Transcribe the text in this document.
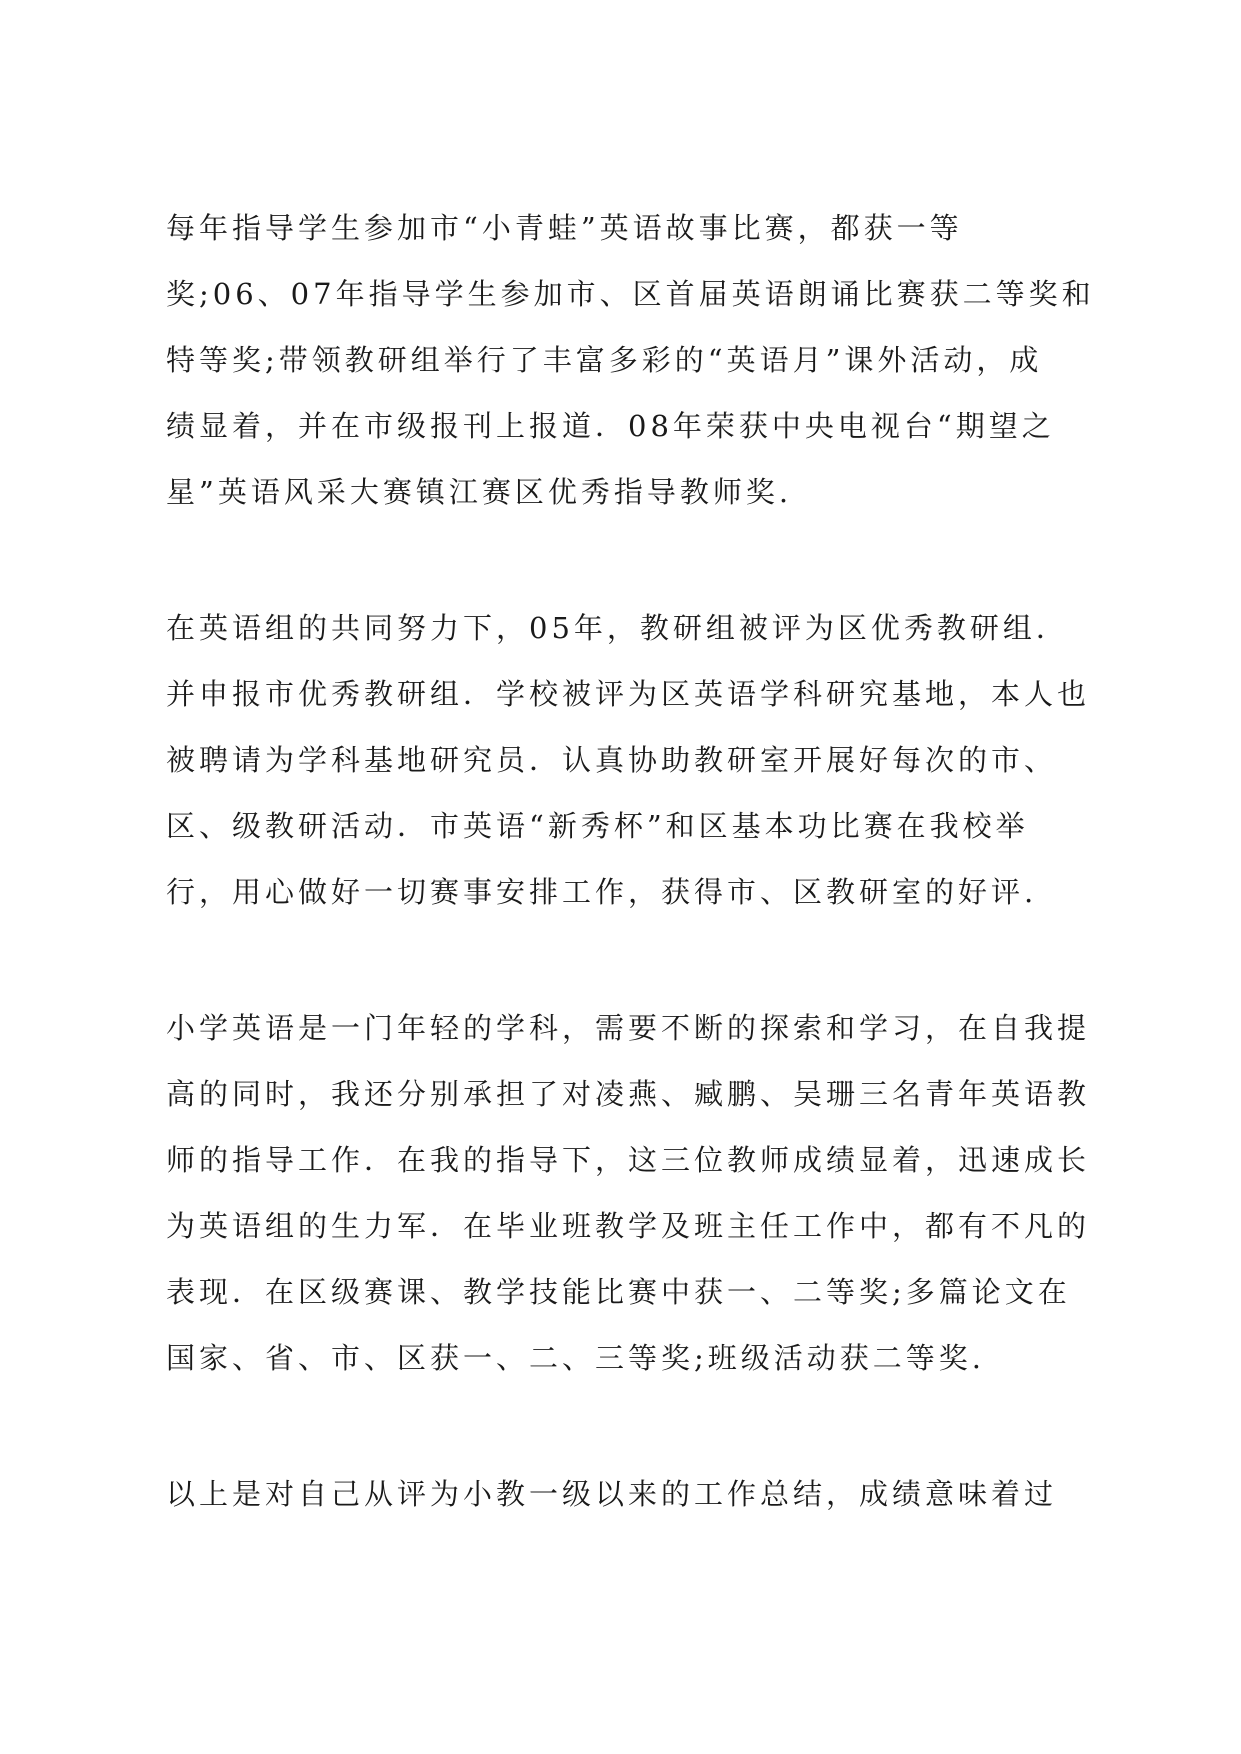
每年指导学生参加市“小青蛙”英语故事比赛，都获一等

奖;06、07年指导学生参加市、区首届英语朗诵比赛获二等奖和

特等奖;带领教研组举行了丰富多彩的“英语月”课外活动，成

绩显着，并在市级报刊上报道．08年荣获中央电视台“期望之

星”英语风采大赛镇江赛区优秀指导教师奖.

在英语组的共同努力下，05年，教研组被评为区优秀教研组．

并申报市优秀教研组．学校被评为区英语学科研究基地，本人也

被聘请为学科基地研究员．认真协助教研室开展好每次的市、

区、级教研活动．市英语“新秀杯”和区基本功比赛在我校举

行，用心做好一切赛事安排工作，获得市、区教研室的好评.

小学英语是一门年轻的学科，需要不断的探索和学习，在自我提

高的同时，我还分别承担了对凌燕、臧鹏、吴珊三名青年英语教

师的指导工作．在我的指导下，这三位教师成绩显着，迅速成长

为英语组的生力军．在毕业班教学及班主任工作中，都有不凡的

表现．在区级赛课、教学技能比赛中获一、二等奖;多篇论文在

国家、省、市、区获一、二、三等奖;班级活动获二等奖.

以上是对自己从评为小教一级以来的工作总结，成绩意味着过
